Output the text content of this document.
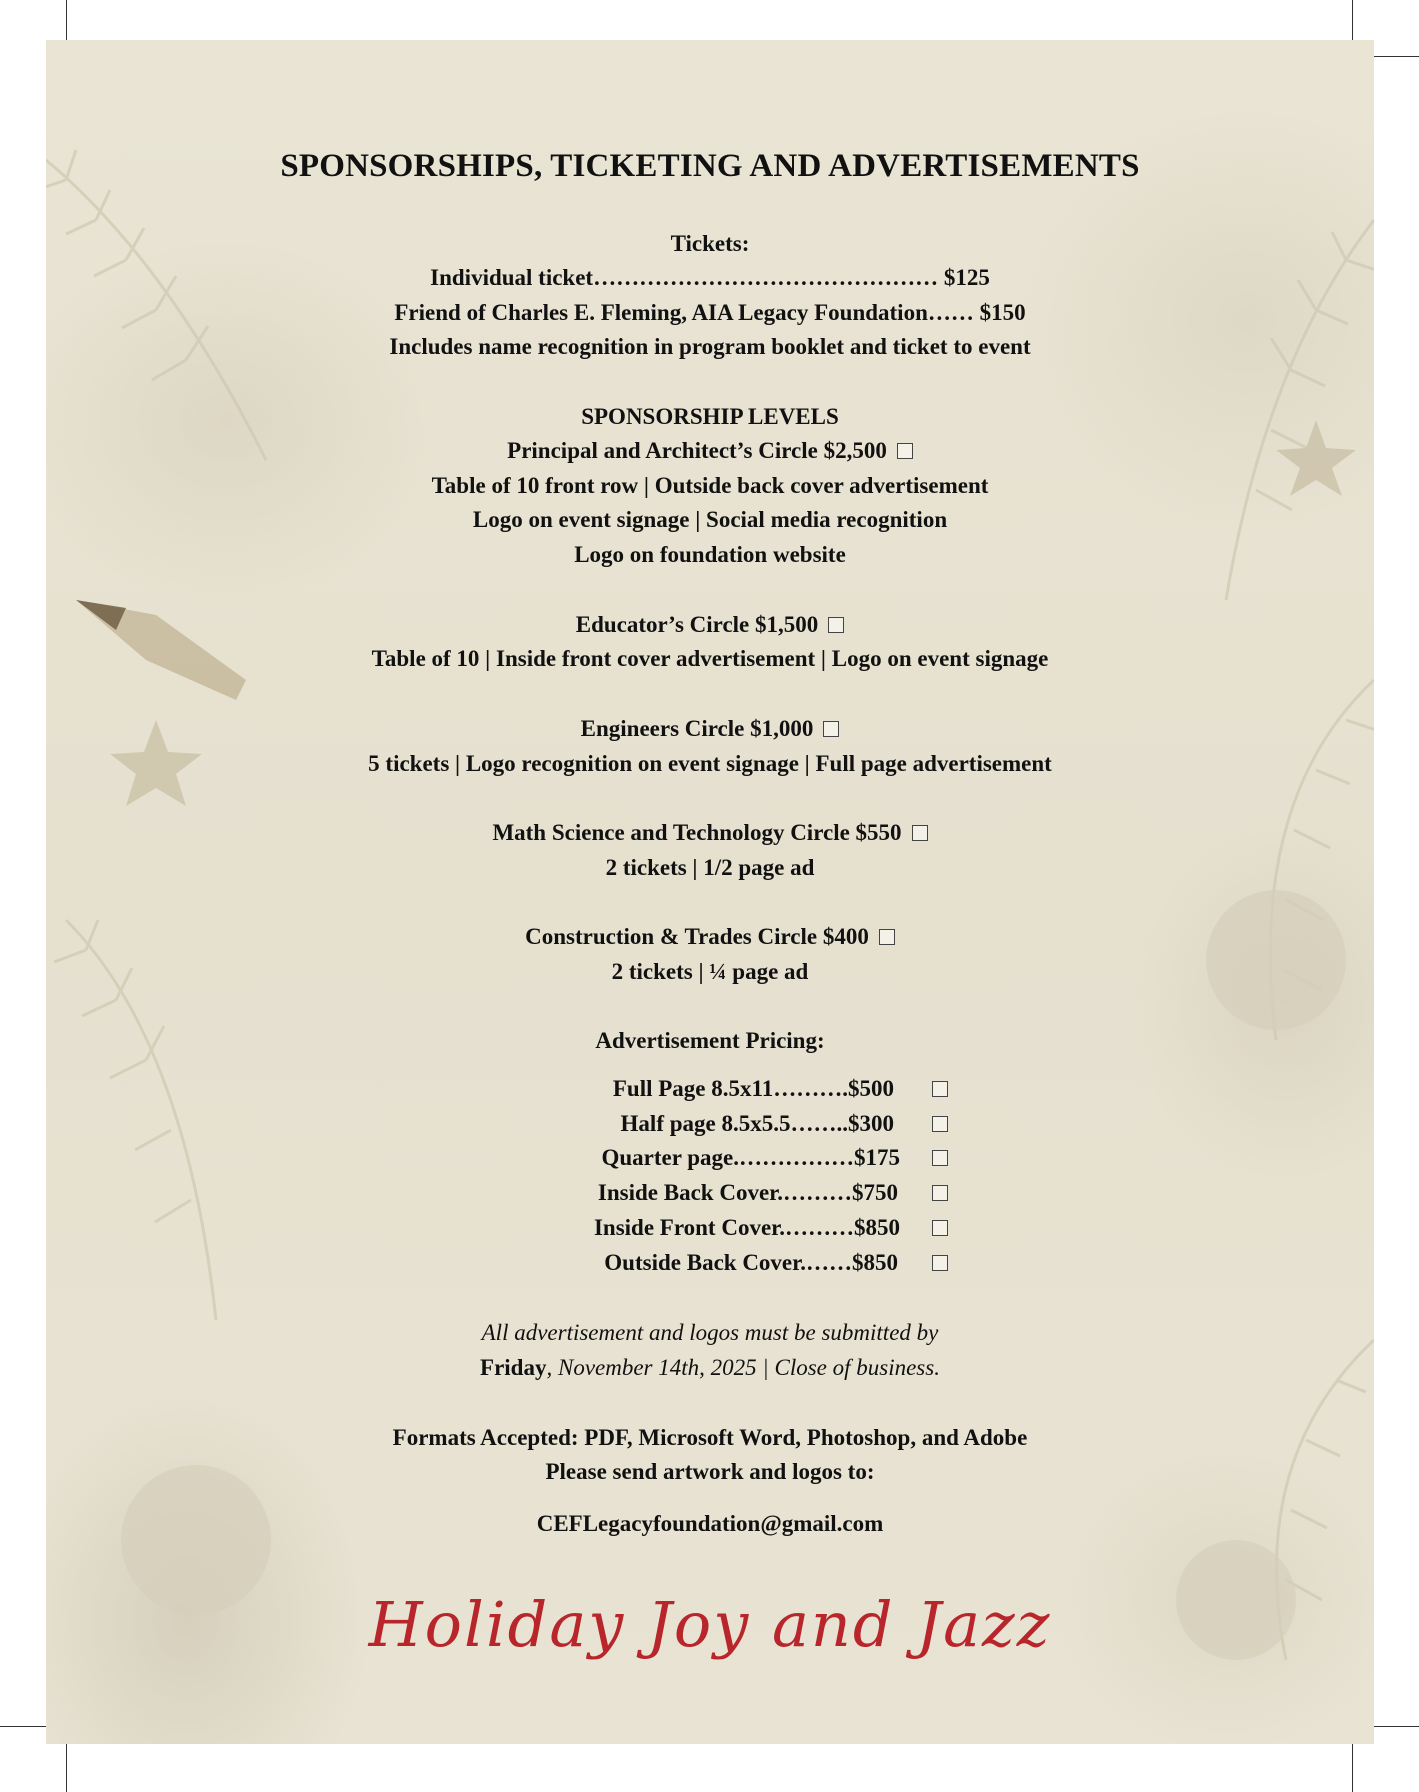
SPONSORSHIPS, TICKETING AND ADVERTISEMENTS
Tickets:
Individual ticket……………………………………… $125
Friend of Charles E. Fleming, AIA Legacy Foundation…… $150
Includes name recognition in program booklet and ticket to event
SPONSORSHIP LEVELS
Principal and Architect’s Circle $2,500
Table of 10 front row | Outside back cover advertisement
Logo on event signage | Social media recognition
Logo on foundation website
Educator’s Circle $1,500
Table of 10 | Inside front cover advertisement | Logo on event signage
Engineers Circle $1,000
5 tickets | Logo recognition on event signage | Full page advertisement
Math Science and Technology Circle $550
2 tickets | 1/2 page ad
Construction & Trades Circle $400
2 tickets | ¼ page ad
Advertisement Pricing:
Full Page 8.5x11……….$500
Half page 8.5x5.5……..$300
Quarter page.……………$175
Inside Back Cover.………$750
Inside Front Cover.………$850
Outside Back Cover.……$850
All advertisement and logos must be submitted by
Friday, November 14th, 2025 | Close of business.
Formats Accepted: PDF, Microsoft Word, Photoshop, and Adobe
Please send artwork and logos to:
CEFLegacyfoundation@gmail.com
Holiday Joy and Jazz
